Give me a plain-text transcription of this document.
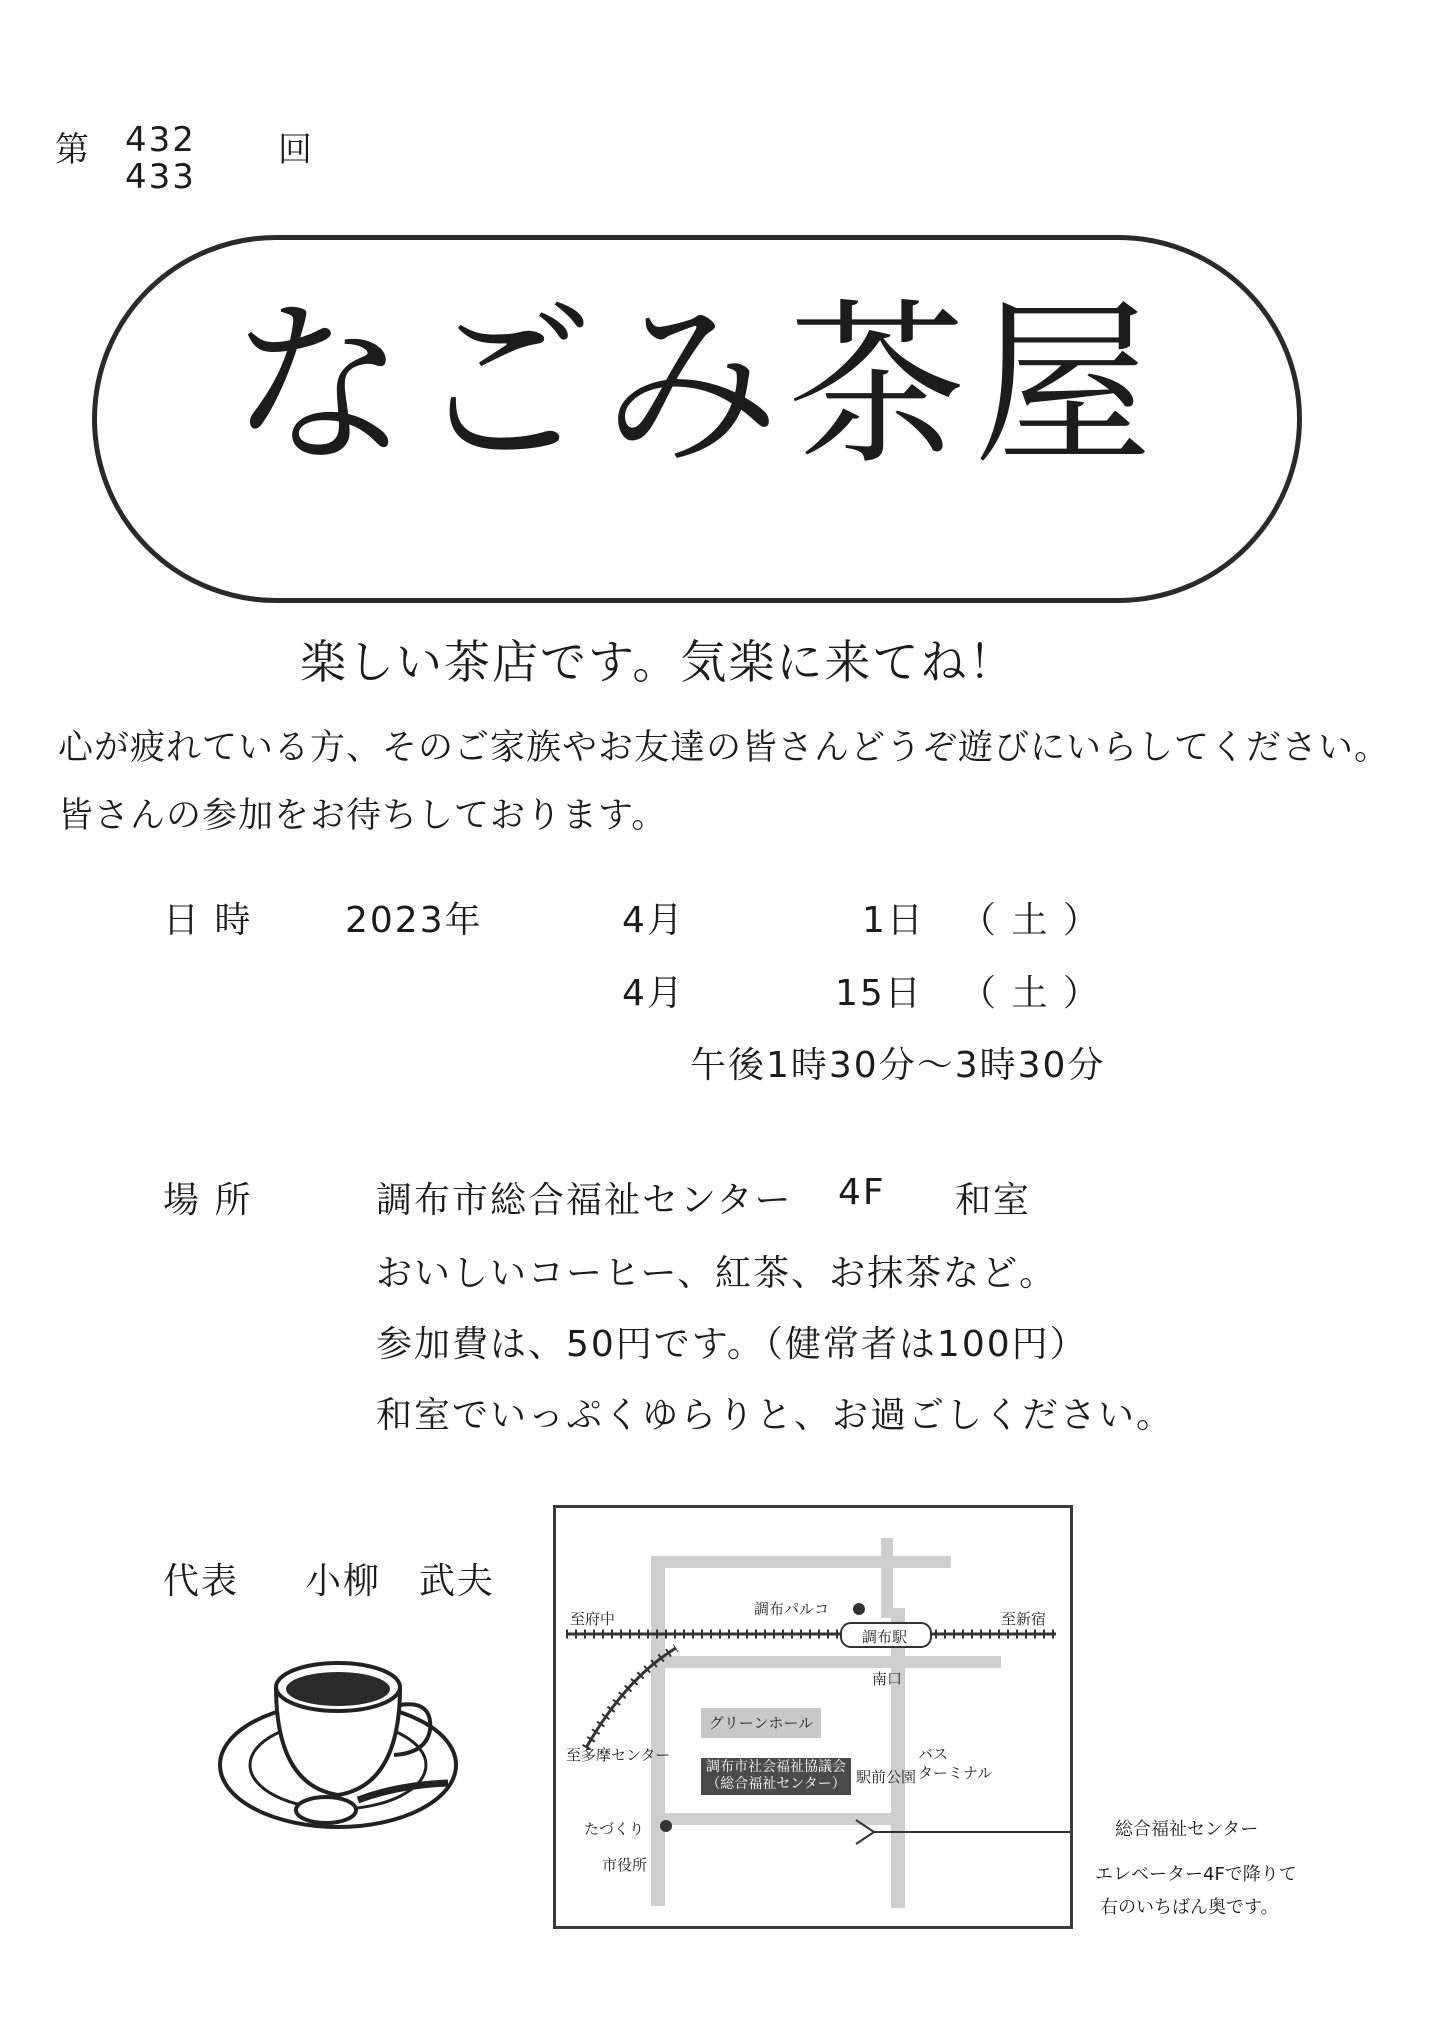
第 432
433
回
なごみ茶屋
楽しい茶店です。気楽に来てね！
心が疲れている方、そのご家族やお友達の皆さんどうぞ遊びにいらしてください。
皆さんの参加をお待ちしております。
日 時	2023年	4月	1日 （ 土 ）
4月	15日 （ 土 ）
午後1時30分～3時30分
場 所	調布市総合福祉センター 4F 和室
おいしいコーヒー、紅茶、お抹茶など。
参加費は、50円です。（健常者は100円）
和室でいっぷくゆらりと、お過ごしください。
代表 小柳　武夫
至府中
調布パルコ
至新宿
調布駅
南口
至多摩センター
グリーンホール
調布市社会福祉協議会
（総合福祉センター） 駅前公園
バス
ターミナル
たづくり
市役所
総合福祉センター
エレベーター4Fで降りて
右のいちばん奥です。
